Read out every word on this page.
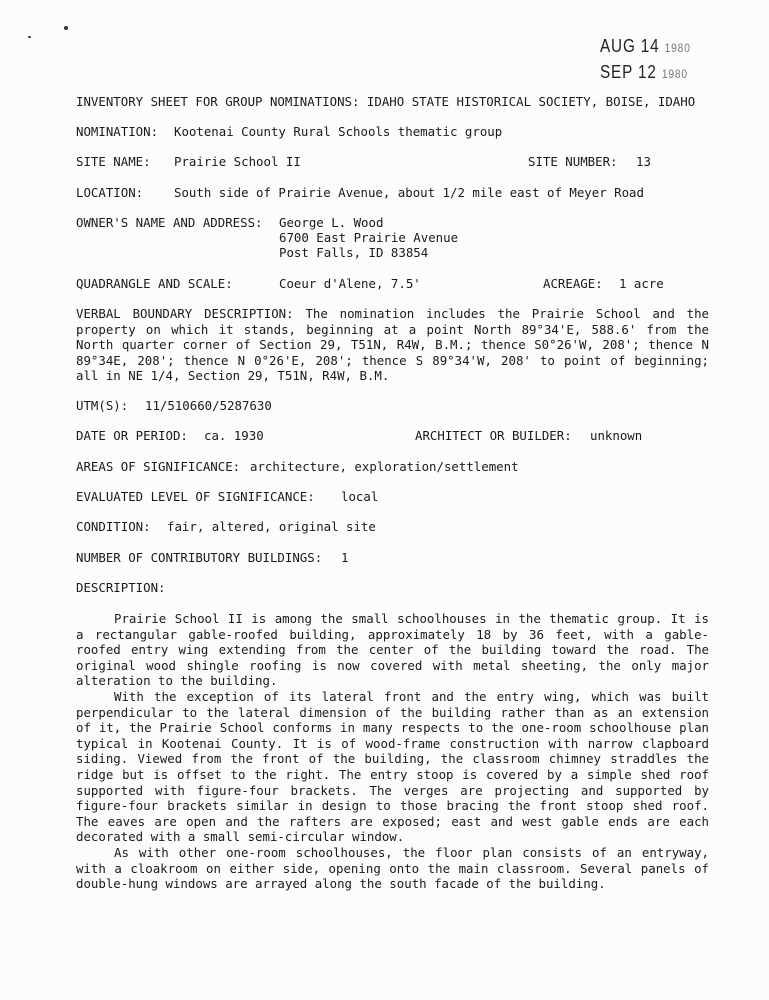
AUG 14 1980
SEP 12 1980
INVENTORY SHEET FOR GROUP NOMINATIONS: IDAHO STATE HISTORICAL SOCIETY, BOISE, IDAHO
NOMINATION: Kootenai County Rural Schools thematic group
SITE NAME: Prairie School II	SITE NUMBER: 13
LOCATION: South side of Prairie Avenue, about 1/2 mile east of Meyer Road
OWNER'S NAME AND ADDRESS: George L. Wood
6700 East Prairie Avenue
Post Falls, ID 83854
QUADRANGLE AND SCALE:	Coeur d'Alene, 7.5'	ACREAGE: 1 acre
VERBAL BOUNDARY DESCRIPTION: The nomination includes the Prairie School and the property on which it stands, beginning at a point North 89°34'E, 588.6' from the North quarter corner of Section 29, T51N, R4W, B.M.; thence S0°26'W, 208'; thence N 89°34E, 208'; thence N 0°26'E, 208'; thence S 89°34'W, 208' to point of beginning; all in NE 1/4, Section 29, T51N, R4W, B.M.
UTM(S): 11/510660/5287630
DATE OR PERIOD: ca. 1930	ARCHITECT OR BUILDER: unknown
AREAS OF SIGNIFICANCE: architecture, exploration/settlement
EVALUATED LEVEL OF SIGNIFICANCE: local
CONDITION: fair, altered, original site
NUMBER OF CONTRIBUTORY BUILDINGS: 1
DESCRIPTION:

Prairie School II is among the small schoolhouses in the thematic group. It is a rectangular gable-roofed building, approximately 18 by 36 feet, with a gable-roofed entry wing extending from the center of the building toward the road. The original wood shingle roofing is now covered with metal sheeting, the only major alteration to the building.

With the exception of its lateral front and the entry wing, which was built perpendicular to the lateral dimension of the building rather than as an extension of it, the Prairie School conforms in many respects to the one-room schoolhouse plan typical in Kootenai County. It is of wood-frame construction with narrow clapboard siding. Viewed from the front of the building, the classroom chimney straddles the ridge but is offset to the right. The entry stoop is covered by a simple shed roof supported with figure-four brackets. The verges are projecting and supported by figure-four brackets similar in design to those bracing the front stoop shed roof. The eaves are open and the rafters are exposed; east and west gable ends are each decorated with a small semi-circular window.

As with other one-room schoolhouses, the floor plan consists of an entryway, with a cloakroom on either side, opening onto the main classroom. Several panels of double-hung windows are arrayed along the south facade of the building.
